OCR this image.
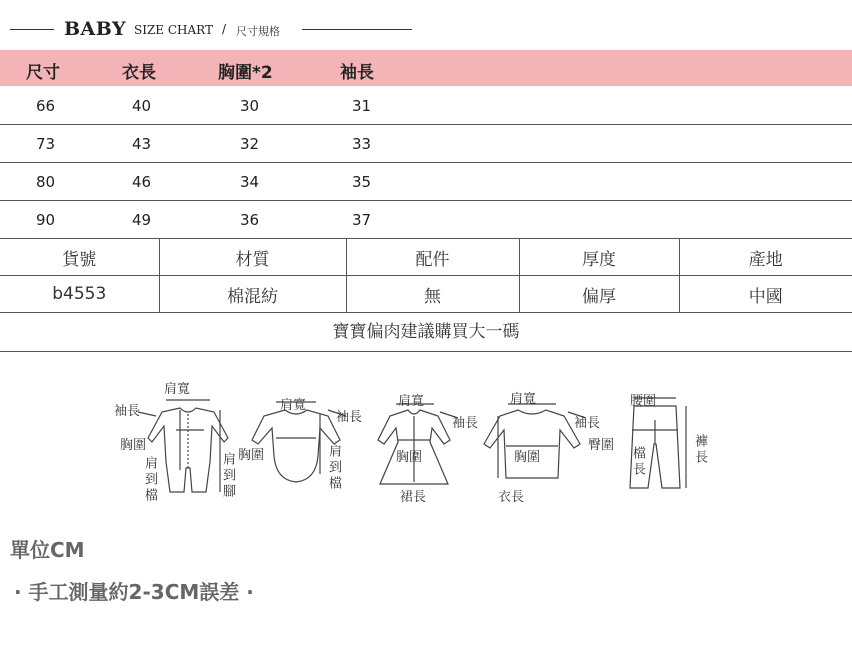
BABY SIZE CHART / 尺寸規格
尺寸	衣長	胸圍*2	袖長
66	40	30	31
73	43	32	33
80	46	34	35
90	49	36	37
貨號	材質	配件	厚度	產地
b4553	棉混紡	無	偏厚	中國
寶寶偏肉建議購買大一碼
肩寬
袖長
胸圍
肩到檔	肩到腳
肩寬
袖長
胸圍	肩到檔
肩寬
袖長
胸圍
裙長
肩寬
袖長
胸圍
衣長
腰圍
臀圍
檔長	褲長
單位CM
· 手工測量約2-3CM誤差 ·
